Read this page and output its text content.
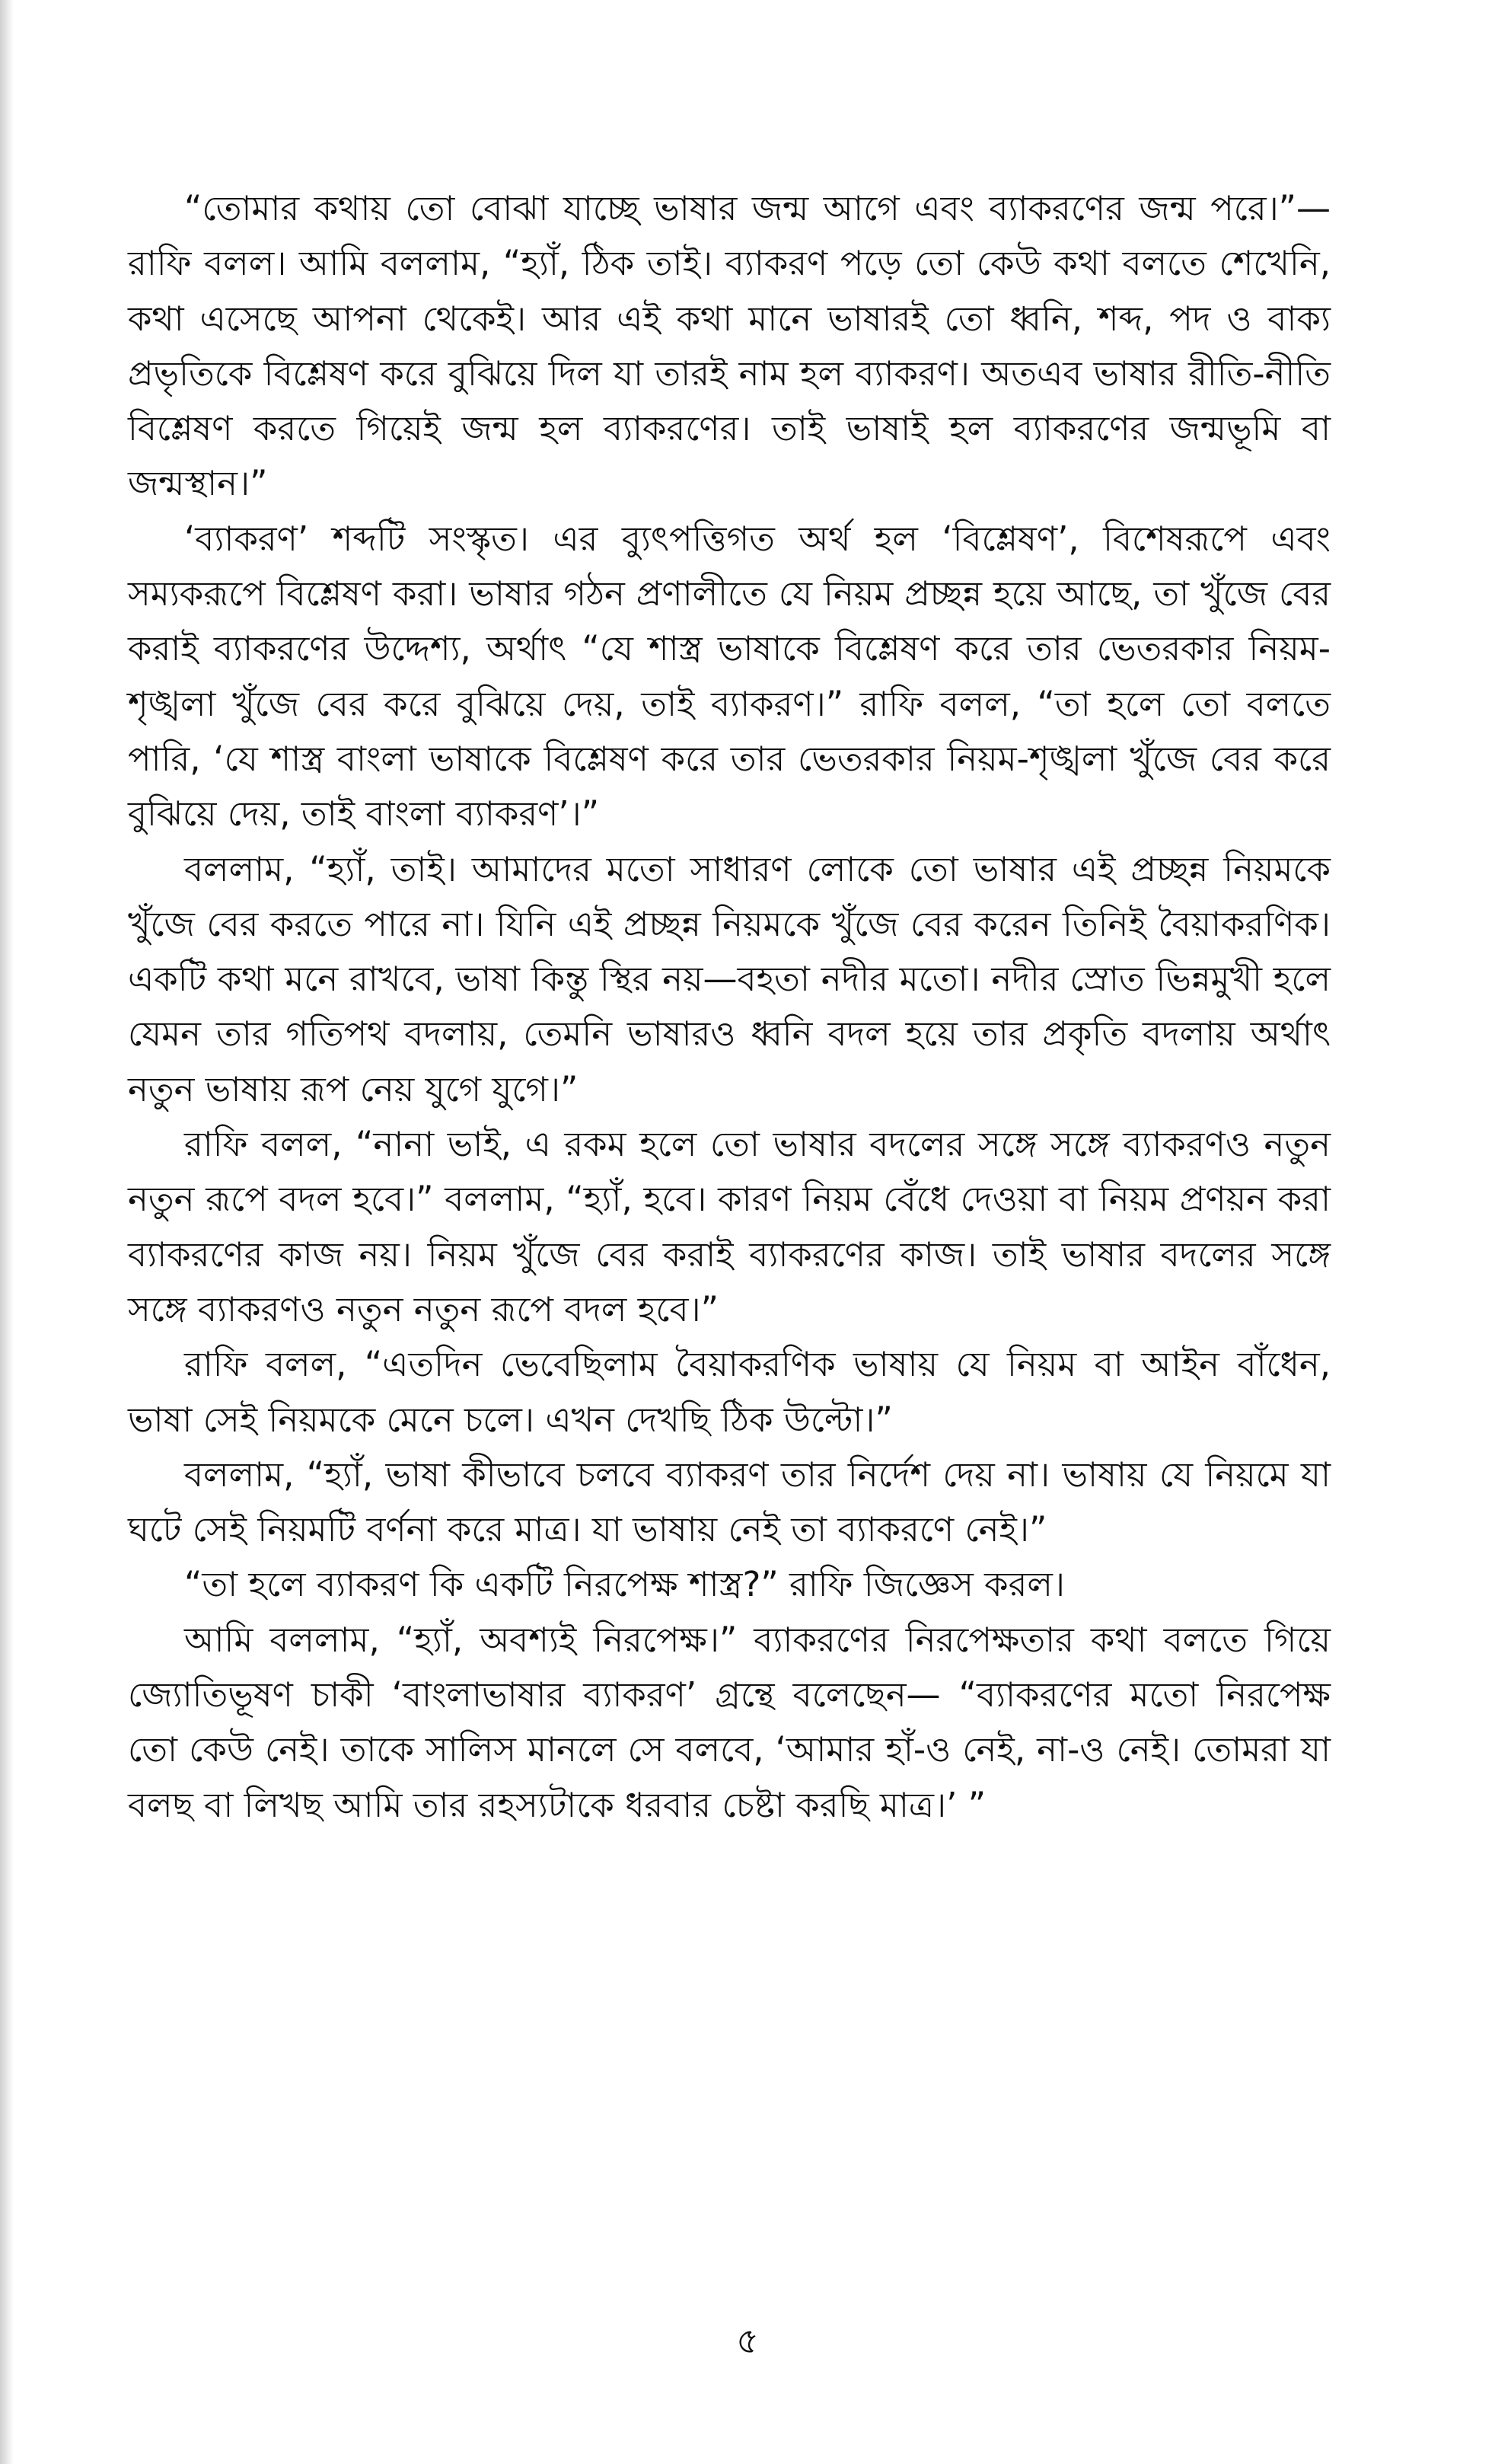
“তোমার কথায় তো বোঝা যাচ্ছে ভাষার জন্ম আগে এবং ব্যাকরণের জন্ম পরে।”—রাফি বলল। আমি বললাম, “হ্যাঁ, ঠিক তাই। ব্যাকরণ পড়ে তো কেউ কথা বলতে শেখেনি, কথা এসেছে আপনা থেকেই। আর এই কথা মানে ভাষারই তো ধ্বনি, শব্দ, পদ ও বাক্য প্রভৃতিকে বিশ্লেষণ করে বুঝিয়ে দিল যা তারই নাম হল ব্যাকরণ। অতএব ভাষার রীতি-নীতি বিশ্লেষণ করতে গিয়েই জন্ম হল ব্যাকরণের। তাই ভাষাই হল ব্যাকরণের জন্মভূমি বা জন্মস্থান।”

‘ব্যাকরণ’ শব্দটি সংস্কৃত। এর ব্যুৎপত্তিগত অর্থ হল ‘বিশ্লেষণ’, বিশেষরূপে এবং সম্যকরূপে বিশ্লেষণ করা। ভাষার গঠন প্রণালীতে যে নিয়ম প্রচ্ছন্ন হয়ে আছে, তা খুঁজে বের করাই ব্যাকরণের উদ্দেশ্য, অর্থাৎ “যে শাস্ত্র ভাষাকে বিশ্লেষণ করে তার ভেতরকার নিয়ম-শৃঙ্খলা খুঁজে বের করে বুঝিয়ে দেয়, তাই ব্যাকরণ।” রাফি বলল, “তা হলে তো বলতে পারি, ‘যে শাস্ত্র বাংলা ভাষাকে বিশ্লেষণ করে তার ভেতরকার নিয়ম-শৃঙ্খলা খুঁজে বের করে বুঝিয়ে দেয়, তাই বাংলা ব্যাকরণ’।”

বললাম, “হ্যাঁ, তাই। আমাদের মতো সাধারণ লোকে তো ভাষার এই প্রচ্ছন্ন নিয়মকে খুঁজে বের করতে পারে না। যিনি এই প্রচ্ছন্ন নিয়মকে খুঁজে বের করেন তিনিই বৈয়াকরণিক। একটি কথা মনে রাখবে, ভাষা কিন্তু স্থির নয়—বহতা নদীর মতো। নদীর স্রোত ভিন্নমুখী হলে যেমন তার গতিপথ বদলায়, তেমনি ভাষারও ধ্বনি বদল হয়ে তার প্রকৃতি বদলায় অর্থাৎ নতুন ভাষায় রূপ নেয় যুগে যুগে।”

রাফি বলল, “নানা ভাই, এ রকম হলে তো ভাষার বদলের সঙ্গে সঙ্গে ব্যাকরণও নতুন নতুন রূপে বদল হবে।” বললাম, “হ্যাঁ, হবে। কারণ নিয়ম বেঁধে দেওয়া বা নিয়ম প্রণয়ন করা ব্যাকরণের কাজ নয়। নিয়ম খুঁজে বের করাই ব্যাকরণের কাজ। তাই ভাষার বদলের সঙ্গে সঙ্গে ব্যাকরণও নতুন নতুন রূপে বদল হবে।”

রাফি বলল, “এতদিন ভেবেছিলাম বৈয়াকরণিক ভাষায় যে নিয়ম বা আইন বাঁধেন, ভাষা সেই নিয়মকে মেনে চলে। এখন দেখছি ঠিক উল্টো।”

বললাম, “হ্যাঁ, ভাষা কীভাবে চলবে ব্যাকরণ তার নির্দেশ দেয় না। ভাষায় যে নিয়মে যা ঘটে সেই নিয়মটি বর্ণনা করে মাত্র। যা ভাষায় নেই তা ব্যাকরণে নেই।”

“তা হলে ব্যাকরণ কি একটি নিরপেক্ষ শাস্ত্র?” রাফি জিজ্ঞেস করল।

আমি বললাম, “হ্যাঁ, অবশ্যই নিরপেক্ষ।” ব্যাকরণের নিরপেক্ষতার কথা বলতে গিয়ে জ্যোতিভূষণ চাকী ‘বাংলাভাষার ব্যাকরণ’ গ্রন্থে বলেছেন— “ব্যাকরণের মতো নিরপেক্ষ তো কেউ নেই। তাকে সালিস মানলে সে বলবে, ‘আমার হাঁ-ও নেই, না-ও নেই। তোমরা যা বলছ বা লিখছ আমি তার রহস্যটাকে ধরবার চেষ্টা করছি মাত্র।’ ”

৫
